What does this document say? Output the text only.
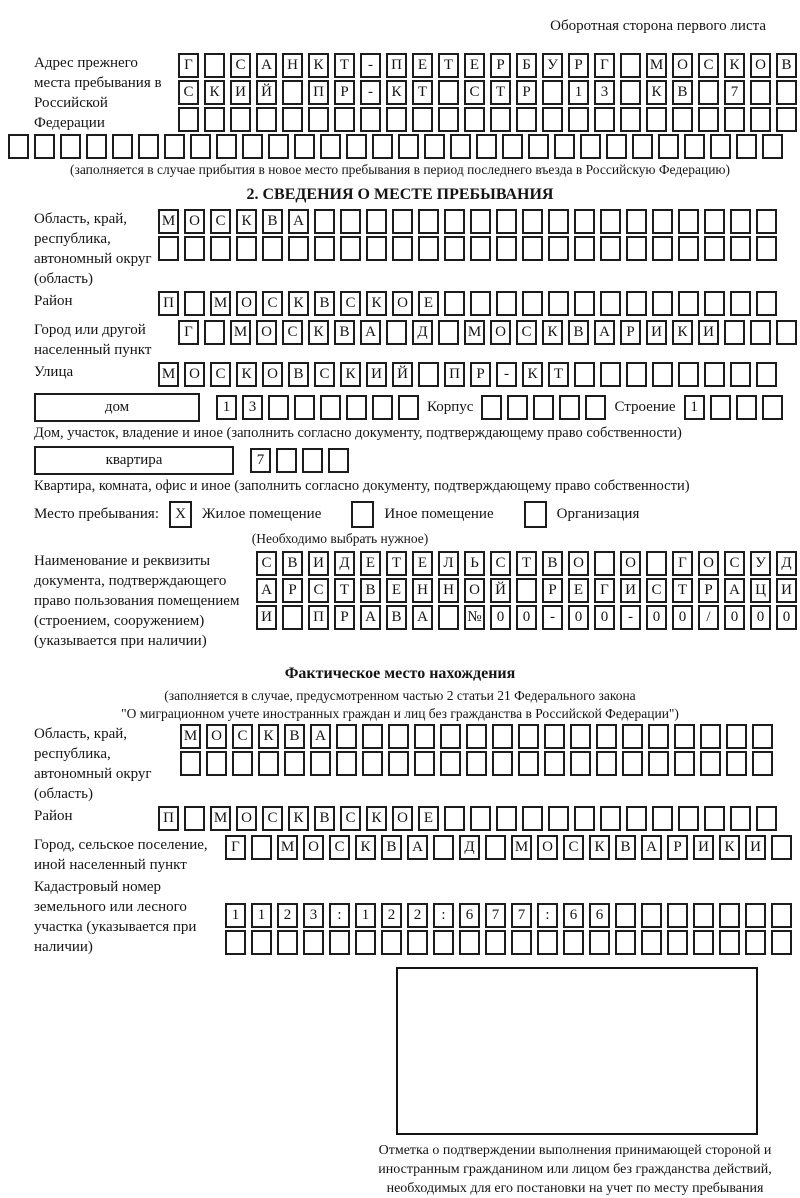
Оборотная сторона первого листа
Адрес прежнего места пребывания в Российской Федерации
Г	С	А	Н	К	Т	-	П	Е	Т	Е	Р	Б	У	Р	Г	М О	С	К	О	В
С	К	И	Й	П	Р	-	К	Т	С	Т	Р	1	3	К	В	7
(заполняется в случае прибытия в новое место пребывания в период последнего въезда в Российскую Федерацию)
2. СВЕДЕНИЯ О МЕСТЕ ПРЕБЫВАНИЯ
Область, край, республика, автономный округ (область)
М О	С	К	В	А
Район	П	М О	С	К	В	С	К	О	Е
Город или другой населенный пункт
Г	М О	С	К	В	А	Д	М О	С	К	В	А	Р	И	К	И
Улица	М О	С	К	О	В	С	К	И	Й	П	Р	-	К	Т
дом	1	3	Корпус	Строение 1
Дом, участок, владение и иное (заполнить согласно документу, подтверждающему право собственности)
квартира	7
Квартира, комната, офис и иное (заполнить согласно документу, подтверждающему право собственности)
Место пребывания:	X	Жилое помещение	Иное помещение	Организация
(Необходимо выбрать нужное)
Наименование и реквизиты документа, подтверждающего право пользования помещением (строением, сооружением) (указывается при наличии)
С	В	И	Д	Е	Т	Е	Л	Ь	С	Т	В	О	О	Г	О	С	У	Д
А	Р	С	Т	В	Е	Н	Н	О	Й	Р	Е	Г	И	С	Т	Р	А	Ц	И
И	П	Р	А	В	А	№	0	0	-	0	0	-	0	0	/	0	0	0
Фактическое место нахождения
(заполняется в случае, предусмотренном частью 2 статьи 21 Федерального закона
"О миграционном учете иностранных граждан и лиц без гражданства в Российской Федерации")
Область, край, республика, автономный округ (область)
М О	С	К	В	А
Район	П	М О	С	К	В	С	К	О	Е
Город, сельское поселение, иной населенный пункт
Г	М О	С	К	В	А	Д	М О	С	К	В	А	Р	И	К	И
Кадастровый номер земельного или лесного участка (указывается при наличии)
1	1	2	3	:	1	2	2	:	6	7	7	:	6	6
Отметка о подтверждении выполнения принимающей стороной и иностранным гражданином или лицом без гражданства действий, необходимых для его постановки на учет по месту пребывания
